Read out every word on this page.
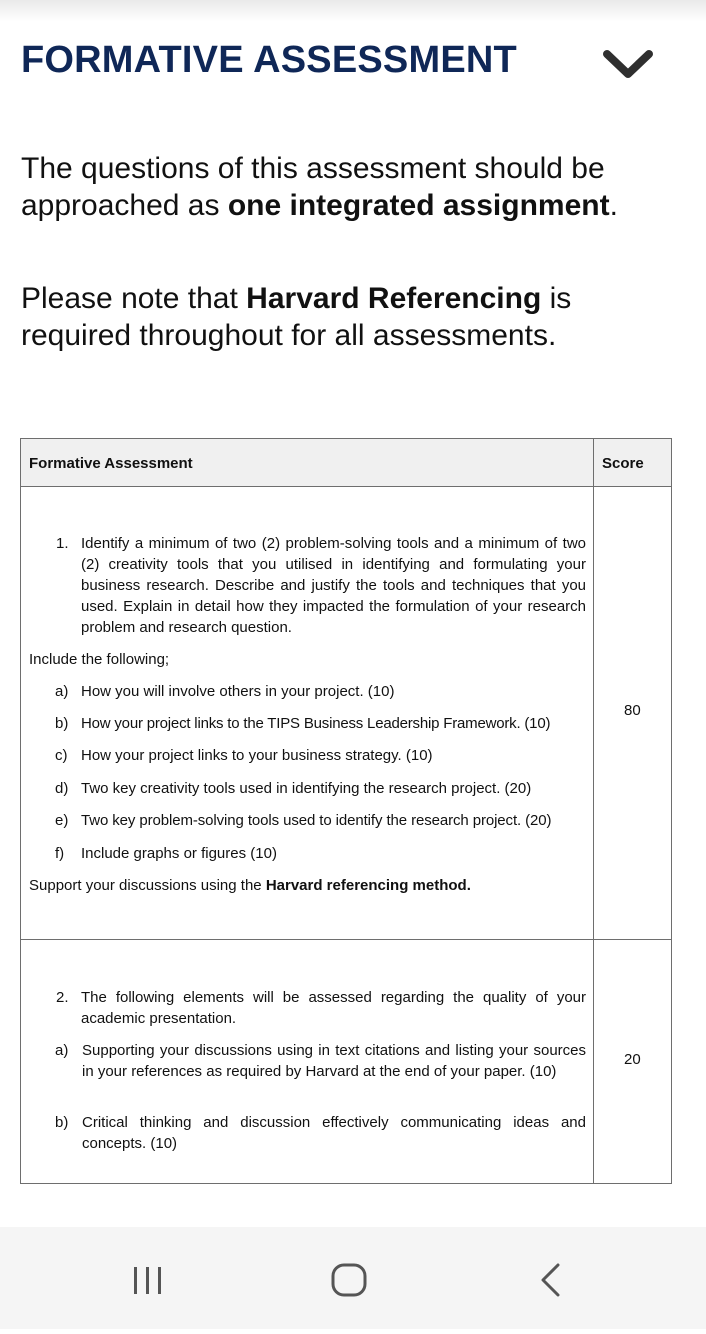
FORMATIVE ASSESSMENT

The questions of this assessment should be approached as one integrated assignment.

Please note that Harvard Referencing is required throughout for all assessments.

Formative Assessment	Score
1. Identify a minimum of two (2) problem-solving tools and a minimum of two (2) creativity tools that you utilised in identifying and formulating your business research. Describe and justify the tools and techniques that you used. Explain in detail how they impacted the formulation of your research problem and research question.
Include the following;
a) How you will involve others in your project. (10)
b) How your project links to the TIPS Business Leadership Framework. (10)
c) How your project links to your business strategy. (10)
d) Two key creativity tools used in identifying the research project. (20)
e) Two key problem-solving tools used to identify the research project. (20)
f) Include graphs or figures (10)
Support your discussions using the Harvard referencing method.
80
2. The following elements will be assessed regarding the quality of your academic presentation.
a) Supporting your discussions using in text citations and listing your sources in your references as required by Harvard at the end of your paper. (10)
b) Critical thinking and discussion effectively communicating ideas and concepts. (10)
20
